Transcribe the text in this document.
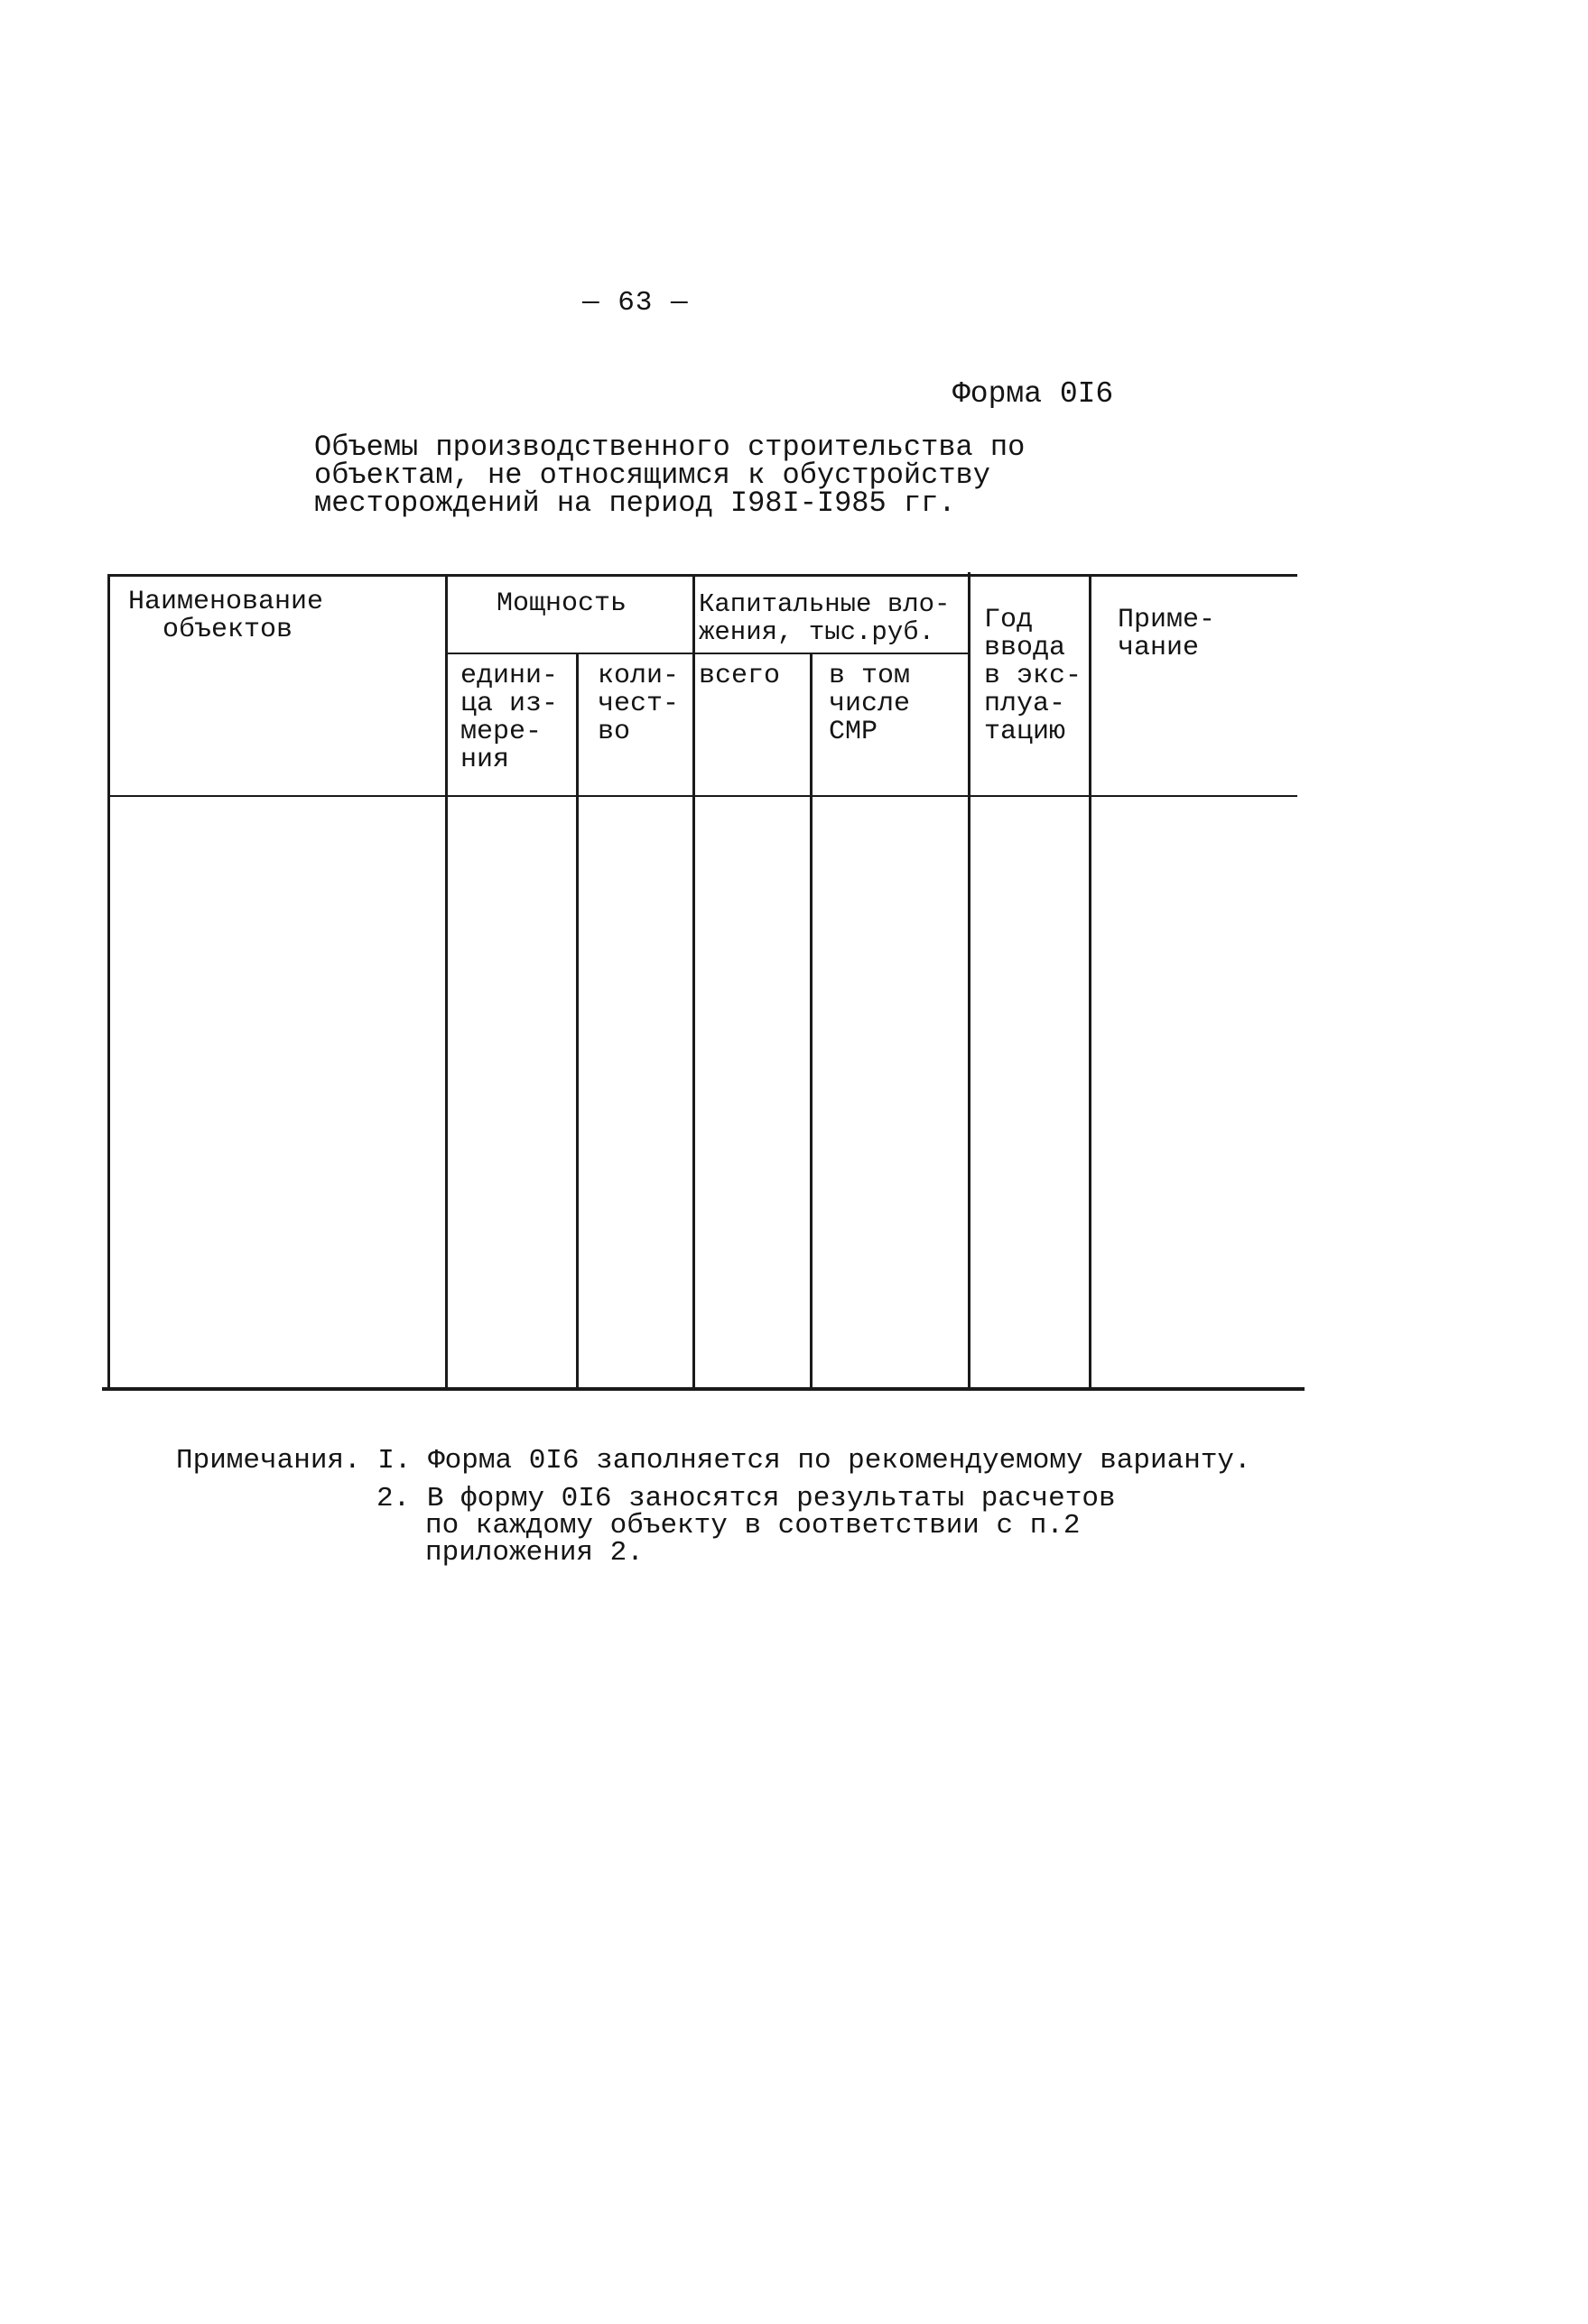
— 63 —
Форма 0I6
Объемы производственного строительства по
объектам, не относящимся к обустройству
месторождений на период I98I-I985 гг.
Наименование
объектов
Мощность
едини-
ца из-
мере-
ния
коли-
чест-
во
Капитальные вло-
жения, тыс.руб.
всего в том
числе
СМР
Год
ввода
в экс-
плуа-
тацию
Приме-
чание
Примечания. I. Форма 0I6 заполняется по рекомендуемому варианту.
2. В форму 0I6 заносятся результаты расчетов
по каждому объекту в соответствии с п.2
приложения 2.
